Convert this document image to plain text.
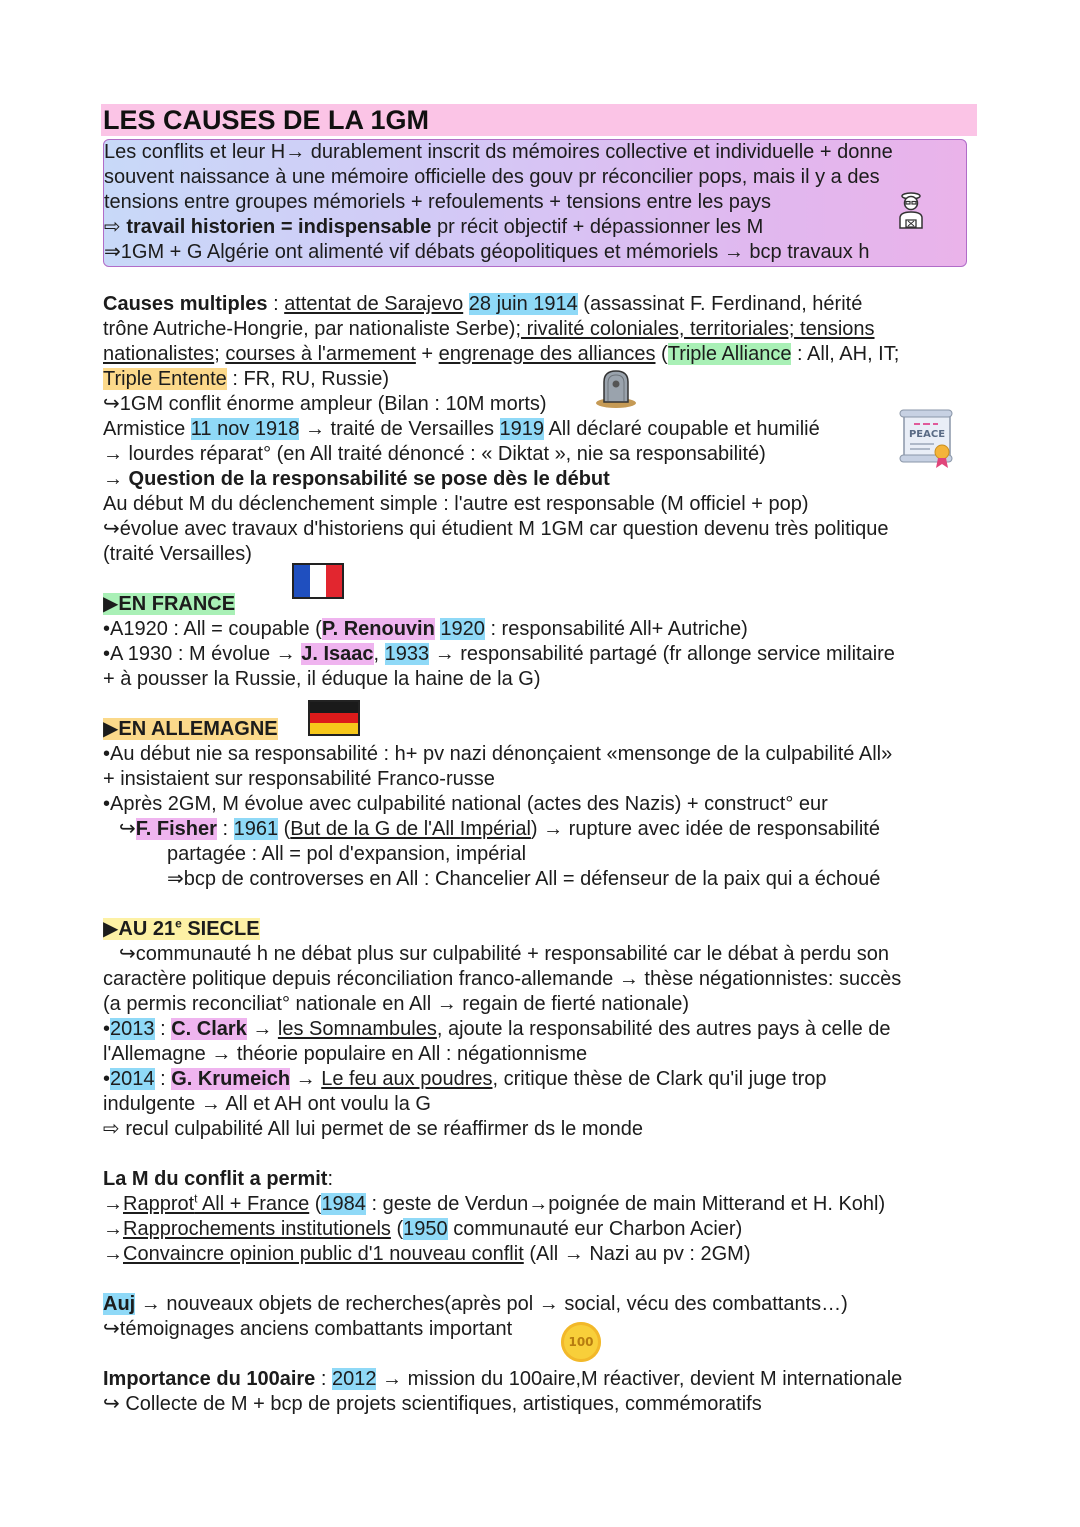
LES CAUSES DE LA 1GM
Les conflits et leur H→ durablement inscrit ds mémoires collective et individuelle + donne
souvent naissance à une mémoire officielle des gouv pr réconcilier pops, mais il y a des
tensions entre groupes mémoriels + refoulements + tensions entre les pays
⇨ travail historien = indispensable pr récit objectif + dépassionner les M
⇒1GM + G Algérie ont alimenté vif débats géopolitiques et mémoriels → bcp travaux h
Causes multiples : attentat de Sarajevo 28 juin 1914 (assassinat F. Ferdinand, hérité
trône Autriche-Hongrie, par nationaliste Serbe); rivalité coloniales, territoriales; tensions
nationalistes; courses à l'armement + engrenage des alliances (Triple Alliance : All, AH, IT;
Triple Entente : FR, RU, Russie)
↪1GM conflit énorme ampleur (Bilan : 10M morts)
Armistice 11 nov 1918 → traité de Versailles 1919 All déclaré coupable et humilié
→ lourdes réparat° (en All traité dénoncé : « Diktat », nie sa responsabilité)
→ Question de la responsabilité se pose dès le début
Au début M du déclenchement simple : l'autre est responsable (M officiel + pop)
↪évolue avec travaux d'historiens qui étudient M 1GM car question devenu très politique
(traité Versailles)
▶EN FRANCE
•A1920 : All = coupable (P. Renouvin 1920 : responsabilité All+ Autriche)
•A 1930 : M évolue → J. Isaac, 1933 → responsabilité partagé (fr allonge service militaire
+ à pousser la Russie, il éduque la haine de la G)
▶EN ALLEMAGNE
•Au début nie sa responsabilité : h+ pv nazi dénonçaient «mensonge de la culpabilité All»
+ insistaient sur responsabilité Franco-russe
•Après 2GM, M évolue avec culpabilité national (actes des Nazis) + construct° eur
↪F. Fisher : 1961 (But de la G de l'All Impérial) → rupture avec idée de responsabilité
partagée : All = pol d'expansion, impérial
⇒bcp de controverses en All : Chancelier All = défenseur de la paix qui a échoué
▶AU 21e SIECLE
↪communauté h ne débat plus sur culpabilité + responsabilité car le débat à perdu son
caractère politique depuis réconciliation franco-allemande → thèse négationnistes: succès
(a permis reconciliat° nationale en All → regain de fierté nationale)
•2013 : C. Clark → les Somnambules, ajoute la responsabilité des autres pays à celle de
l'Allemagne → théorie populaire en All : négationnisme
•2014 : G. Krumeich → Le feu aux poudres, critique thèse de Clark qu'il juge trop
indulgente → All et AH ont voulu la G
⇨ recul culpabilité All lui permet de se réaffirmer ds le monde
La M du conflit a permit:
→Rapprot$^t$ All + France (1984 : geste de Verdun→poignée de main Mitterand et H. Kohl)
→Rapprochements institutionels (1950 communauté eur Charbon Acier)
→Convaincre opinion public d'1 nouveau conflit (All → Nazi au pv : 2GM)
Auj → nouveaux objets de recherches(après pol → social, vécu des combattants…)
↪témoignages anciens combattants important
Importance du 100aire : 2012 → mission du 100aire,M réactiver, devient M internationale
↪ Collecte de M + bcp de projets scientifiques, artistiques, commémoratifs
PEACE
100
